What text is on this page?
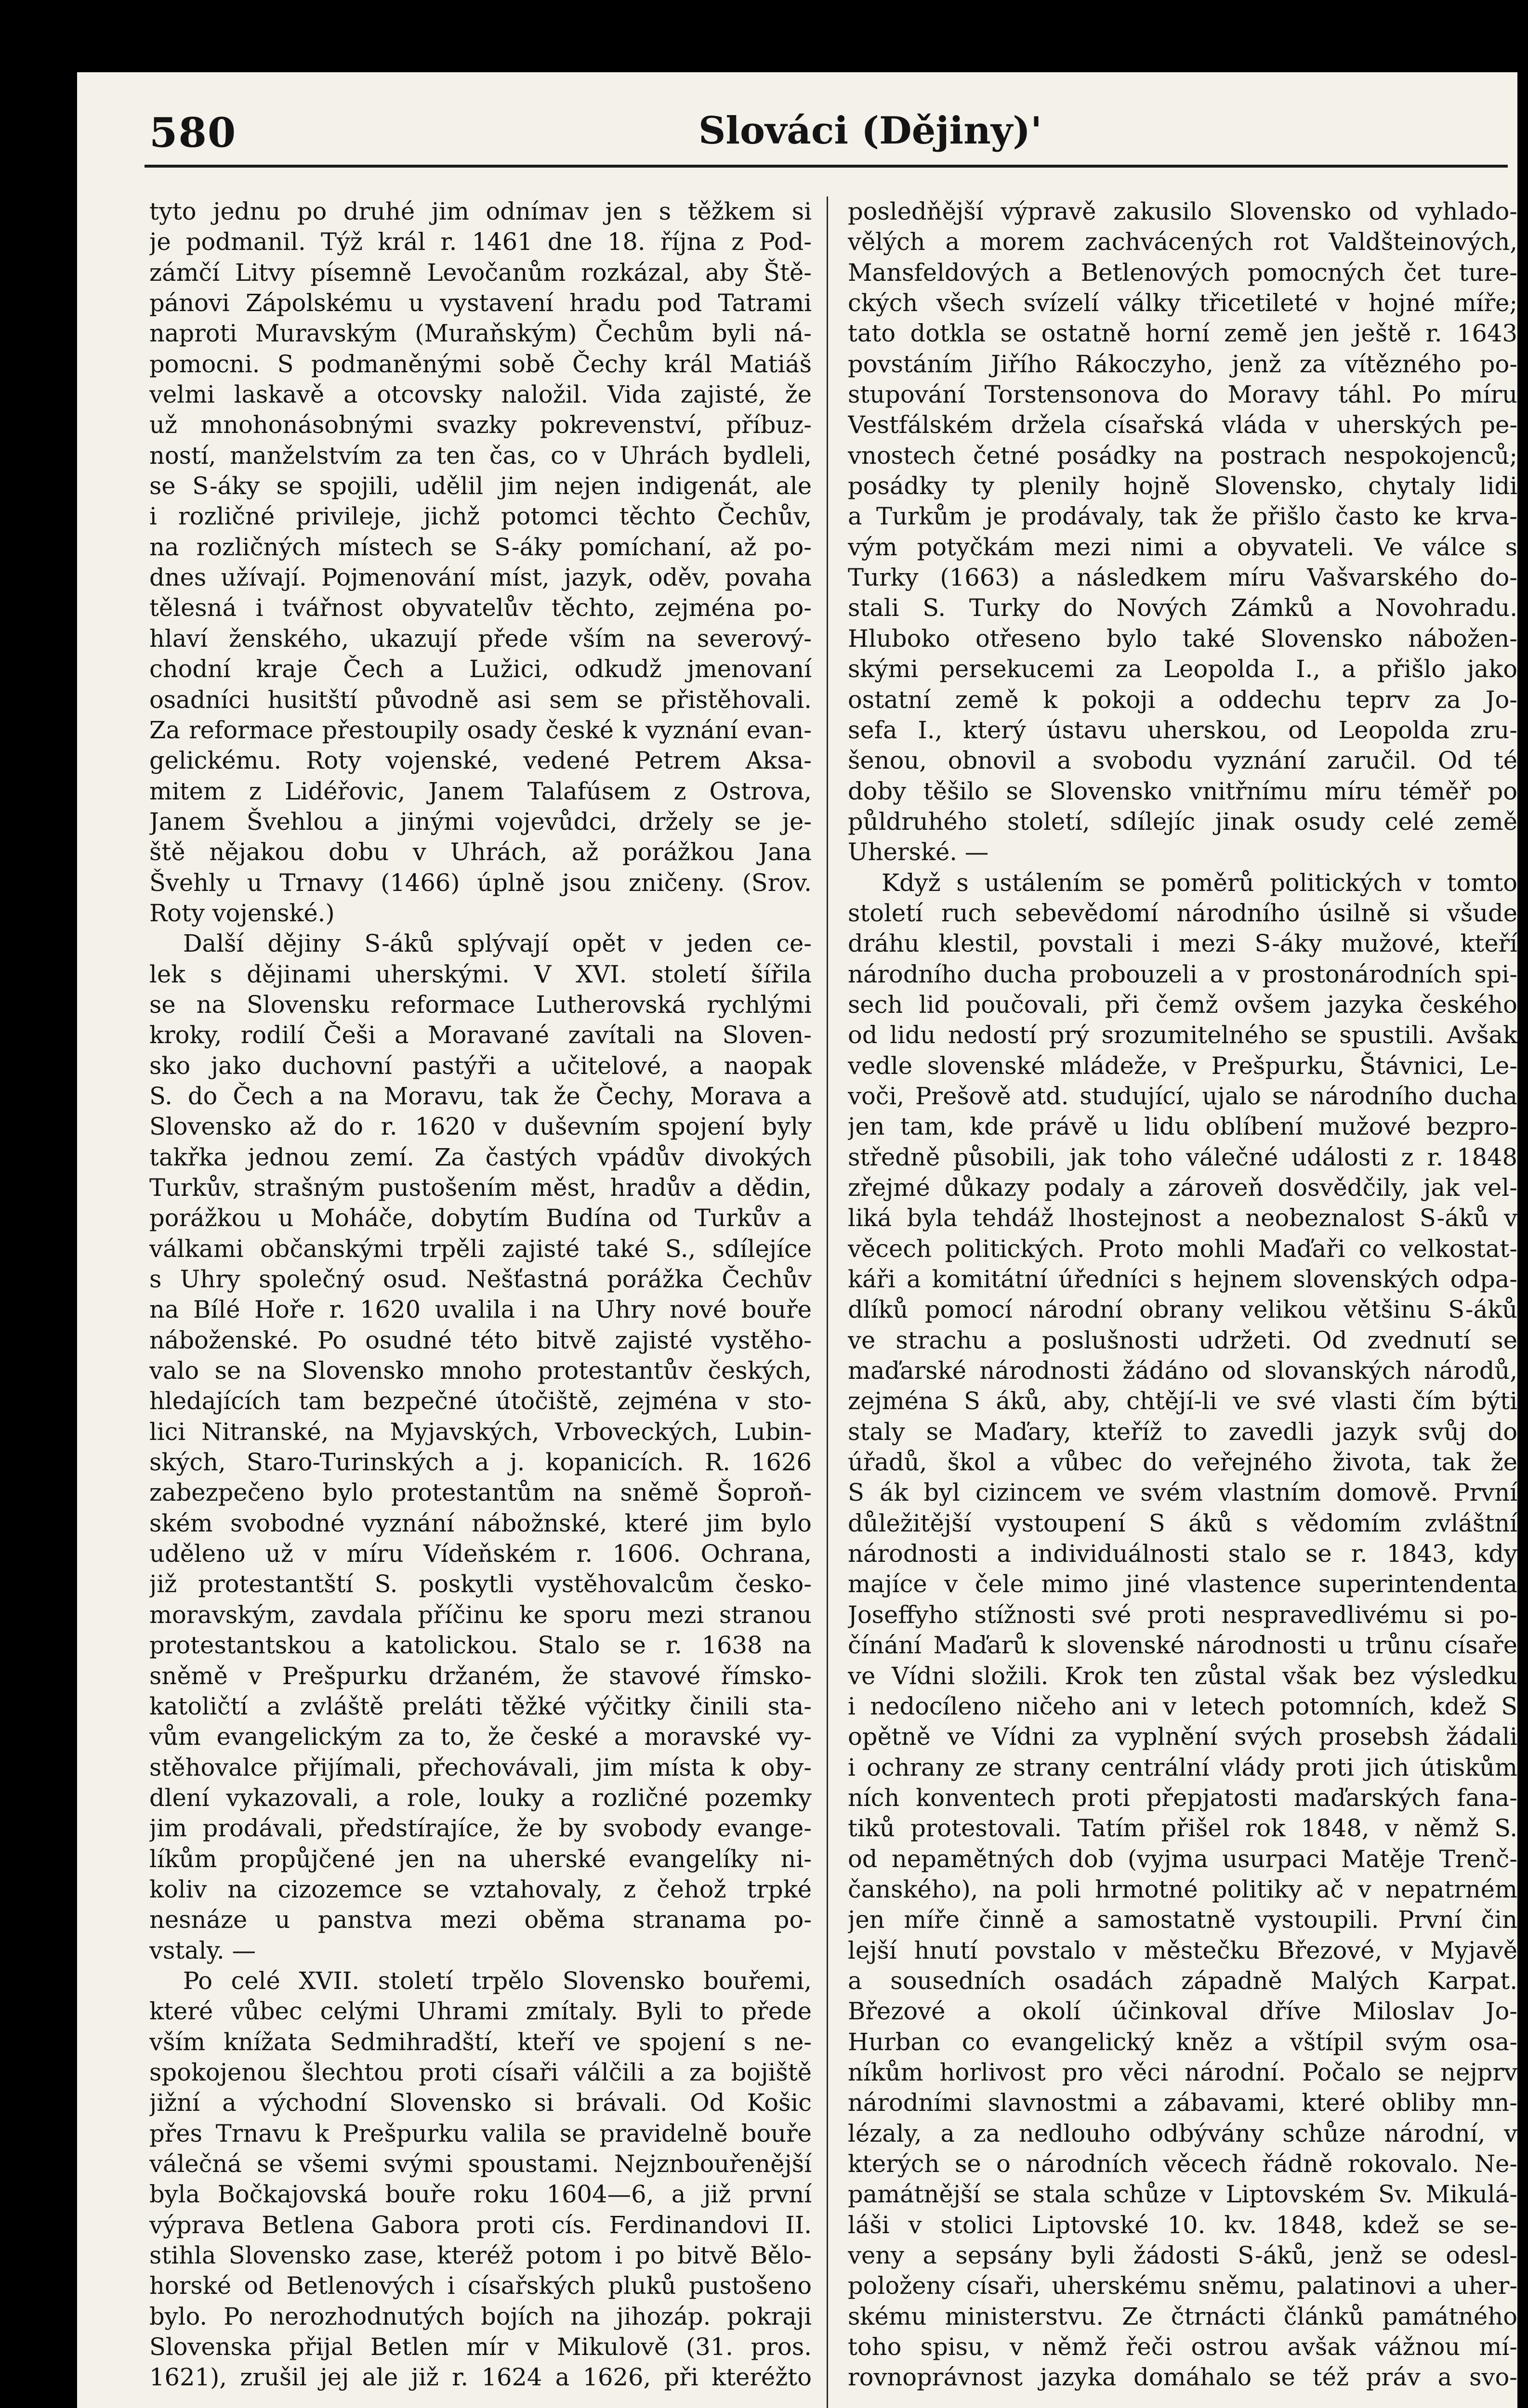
580	Slováci (Dějiny)'
tyto jednu po druhé jim odnímav jen s těžkem si
je podmanil. Týž král r. 1461 dne 18. října z Pod-
zámčí Litvy písemně Levočanům rozkázal, aby Ště-
pánovi Zápolskému u vystavení hradu pod Tatrami
naproti Muravským (Muraňským) Čechům byli ná-
pomocni. S podmaněnými sobě Čechy král Matiáš
velmi laskavě a otcovsky naložil. Vida zajisté, že
už mnohonásobnými svazky pokrevenství, příbuz-
ností, manželstvím za ten čas, co v Uhrách bydleli,
se S-áky se spojili, udělil jim nejen indigenát, ale
i rozličné privileje, jichž potomci těchto Čechův,
na rozličných místech se S-áky pomíchaní, až po-
dnes užívají. Pojmenování míst, jazyk, oděv, povaha
tělesná i tvářnost obyvatelův těchto, zejména po-
hlaví ženského, ukazují přede vším na severový-
chodní kraje Čech a Lužici, odkudž jmenovaní
osadníci husitští původně asi sem se přistěhovali.
Za reformace přestoupily osady české k vyznání evan-
gelickému. Roty vojenské, vedené Petrem Aksa-
mitem z Lidéřovic, Janem Talafúsem z Ostrova,
Janem Švehlou a jinými vojevůdci, držely se je-
ště nějakou dobu v Uhrách, až porážkou Jana
Švehly u Trnavy (1466) úplně jsou zničeny. (Srov.
Roty vojenské.)
Další dějiny S-áků splývají opět v jeden ce-
lek s dějinami uherskými. V XVI. století šířila
se na Slovensku reformace Lutherovská rychlými
kroky, rodilí Češi a Moravané zavítali na Sloven-
sko jako duchovní pastýři a učitelové, a naopak
S. do Čech a na Moravu, tak že Čechy, Morava a
Slovensko až do r. 1620 v duševním spojení byly
takřka jednou zemí. Za častých vpádův divokých
Turkův, strašným pustošením měst, hradův a dědin,
porážkou u Moháče, dobytím Budína od Turkův a
válkami občanskými trpěli zajisté také S., sdílejíce
s Uhry společný osud. Nešťastná porážka Čechův
na Bílé Hoře r. 1620 uvalila i na Uhry nové bouře
náboženské. Po osudné této bitvě zajisté vystěho-
valo se na Slovensko mnoho protestantův českých,
hledajících tam bezpečné útočiště, zejména v sto-
lici Nitranské, na Myjavských, Vrboveckých, Lubin-
ských, Staro-Turinských a j. kopanicích. R. 1626
zabezpečeno bylo protestantům na sněmě Šoproň-
ském svobodné vyznání nábožnské, které jim bylo
uděleno už v míru Vídeňském r. 1606. Ochrana,
již protestantští S. poskytli vystěhovalcům česko-
moravským, zavdala příčinu ke sporu mezi stranou
protestantskou a katolickou. Stalo se r. 1638 na
sněmě v Prešpurku držaném, že stavové římsko-
katoličtí a zvláště preláti těžké výčitky činili sta-
vům evangelickým za to, že české a moravské vy-
stěhovalce přijímali, přechovávali, jim místa k oby-
dlení vykazovali, a role, louky a rozličné pozemky
jim prodávali, předstírajíce, že by svobody evange-
líkům propůjčené jen na uherské evangelíky ni-
koliv na cizozemce se vztahovaly, z čehož trpké
nesnáze u panstva mezi oběma stranama po-
vstaly. —
Po celé XVII. století trpělo Slovensko bouřemi,
které vůbec celými Uhrami zmítaly. Byli to přede
vším knížata Sedmihradští, kteří ve spojení s ne-
spokojenou šlechtou proti císaři válčili a za bojiště
jižní a východní Slovensko si brávali. Od Košic
přes Trnavu k Prešpurku valila se pravidelně bouře
válečná se všemi svými spoustami. Nejznbouřenější
byla Bočkajovská bouře roku 1604—6, a již první
výprava Betlena Gabora proti cís. Ferdinandovi II.
stihla Slovensko zase, kteréž potom i po bitvě Bělo-
horské od Betlenových i císařských pluků pustošeno
bylo. Po nerozhodnutých bojích na jihozáp. pokraji
Slovenska přijal Betlen mír v Mikulově (31. pros.
1621), zrušil jej ale již r. 1624 a 1626, při kteréžto
posledňější výpravě zakusilo Slovensko od vyhlado-
vělých a morem zachvácených rot Valdšteinových,
Mansfeldových a Betlenových pomocných čet ture-
ckých všech svízelí války třicetileté v hojné míře;
tato dotkla se ostatně horní země jen ještě r. 1643
povstáním Jiřího Rákoczyho, jenž za vítězného po-
stupování Torstensonova do Moravy táhl. Po míru
Vestfálském držela císařská vláda v uherských pe-
vnostech četné posádky na postrach nespokojenců;
posádky ty plenily hojně Slovensko, chytaly lidi
a Turkům je prodávaly, tak že přišlo často ke krva-
vým potyčkám mezi nimi a obyvateli. Ve válce s
Turky (1663) a následkem míru Vašvarského do-
stali S. Turky do Nových Zámků a Novohradu.
Hluboko otřeseno bylo také Slovensko nábožen-
skými persekucemi za Leopolda I., a přišlo jako
ostatní země k pokoji a oddechu teprv za Jo-
sefa I., který ústavu uherskou, od Leopolda zru-
šenou, obnovil a svobodu vyznání zaručil. Od té
doby těšilo se Slovensko vnitřnímu míru téměř po
půldruhého století, sdílejíc jinak osudy celé země
Uherské. —
Když s ustálením se poměrů politických v tomto
století ruch sebevědomí národního úsilně si všude
dráhu klestil, povstali i mezi S-áky mužové, kteří
národního ducha probouzeli a v prostonárodních spi-
sech lid poučovali, při čemž ovšem jazyka českého
od lidu nedostí prý srozumitelného se spustili. Avšak
vedle slovenské mládeže, v Prešpurku, Štávnici, Le-
voči, Prešově atd. studující, ujalo se národního ducha
jen tam, kde právě u lidu oblíbení mužové bezpro-
středně působili, jak toho válečné události z r. 1848
zřejmé důkazy podaly a zároveň dosvědčily, jak vel-
liká byla tehdáž lhostejnost a neobeznalost S-áků v
věcech politických. Proto mohli Maďaři co velkostat-
káři a komitátní úředníci s hejnem slovenských odpa-
dlíků pomocí národní obrany velikou většinu S-áků
ve strachu a poslušnosti udržeti. Od zvednutí se
maďarské národnosti žádáno od slovanských národů,
zejména S áků, aby, chtějí-li ve své vlasti čím býti
staly se Maďary, kteříž to zavedli jazyk svůj do
úřadů, škol a vůbec do veřejného života, tak že
S ák byl cizincem ve svém vlastním domově. První
důležitější vystoupení S áků s vědomím zvláštní
národnosti a individuálnosti stalo se r. 1843, kdy
majíce v čele mimo jiné vlastence superintendenta
Joseffyho stížnosti své proti nespravedlivému si po-
čínání Maďarů k slovenské národnosti u trůnu císaře
ve Vídni složili. Krok ten zůstal však bez výsledku
i nedocíleno ničeho ani v letech potomních, kdež S
opětně ve Vídni za vyplnění svých prosebsh žádali
i ochrany ze strany centrální vlády proti jich útiskům
ních konventech proti přepjatosti maďarských fana-
tiků protestovali. Tatím přišel rok 1848, v němž S.
od nepamětných dob (vyjma usurpaci Matěje Trenč-
čanského), na poli hrmotné politiky ač v nepatrném
jen míře činně a samostatně vystoupili. První čin
lejší hnutí povstalo v městečku Březové, v Myjavě
a sousedních osadách západně Malých Karpat.
Březové a okolí účinkoval dříve Miloslav Jo-
Hurban co evangelický kněz a vštípil svým osa-
níkům horlivost pro věci národní. Počalo se nejprv
národními slavnostmi a zábavami, které obliby mn-
lézaly, a za nedlouho odbývány schůze národní, v
kterých se o národních věcech řádně rokovalo. Ne-
památnější se stala schůze v Liptovském Sv. Mikulá-
láši v stolici Liptovské 10. kv. 1848, kdež se se-
veny a sepsány byli žádosti S-áků, jenž se odesl-
položeny císaři, uherskému sněmu, palatinovi a uher-
skému ministerstvu. Ze čtrnácti článků památného
toho spisu, v němž řeči ostrou avšak vážnou mí-
rovnoprávnost jazyka domáhalo se též práv a svo-
